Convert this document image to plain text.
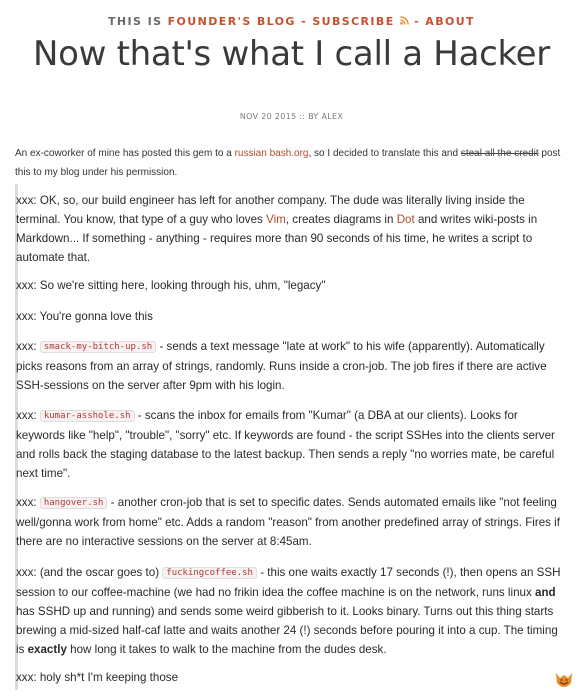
THIS IS FOUNDER'S BLOG - SUBSCRIBE - ABOUT
Now that's what I call a Hacker
NOV 20 2015 :: BY ALEX

An ex-coworker of mine has posted this gem to a russian bash.org, so I decided to translate this and steal all the credit post this to my blog under his permission.

xxx: OK, so, our build engineer has left for another company. The dude was literally living inside the terminal. You know, that type of a guy who loves Vim, creates diagrams in Dot and writes wiki-posts in Markdown... If something - anything - requires more than 90 seconds of his time, he writes a script to automate that.

xxx: So we're sitting here, looking through his, uhm, "legacy"

xxx: You're gonna love this

xxx: smack-my-bitch-up.sh - sends a text message "late at work" to his wife (apparently). Automatically picks reasons from an array of strings, randomly. Runs inside a cron-job. The job fires if there are active SSH-sessions on the server after 9pm with his login.

xxx: kumar-asshole.sh - scans the inbox for emails from "Kumar" (a DBA at our clients). Looks for keywords like "help", "trouble", "sorry" etc. If keywords are found - the script SSHes into the clients server and rolls back the staging database to the latest backup. Then sends a reply "no worries mate, be careful next time".

xxx: hangover.sh - another cron-job that is set to specific dates. Sends automated emails like "not feeling well/gonna work from home" etc. Adds a random "reason" from another predefined array of strings. Fires if there are no interactive sessions on the server at 8:45am.

xxx: (and the oscar goes to) fuckingcoffee.sh - this one waits exactly 17 seconds (!), then opens an SSH session to our coffee-machine (we had no frikin idea the coffee machine is on the network, runs linux and has SSHD up and running) and sends some weird gibberish to it. Looks binary. Turns out this thing starts brewing a mid-sized half-caf latte and waits another 24 (!) seconds before pouring it into a cup. The timing is exactly how long it takes to walk to the machine from the dudes desk.

xxx: holy sh*t I'm keeping those
